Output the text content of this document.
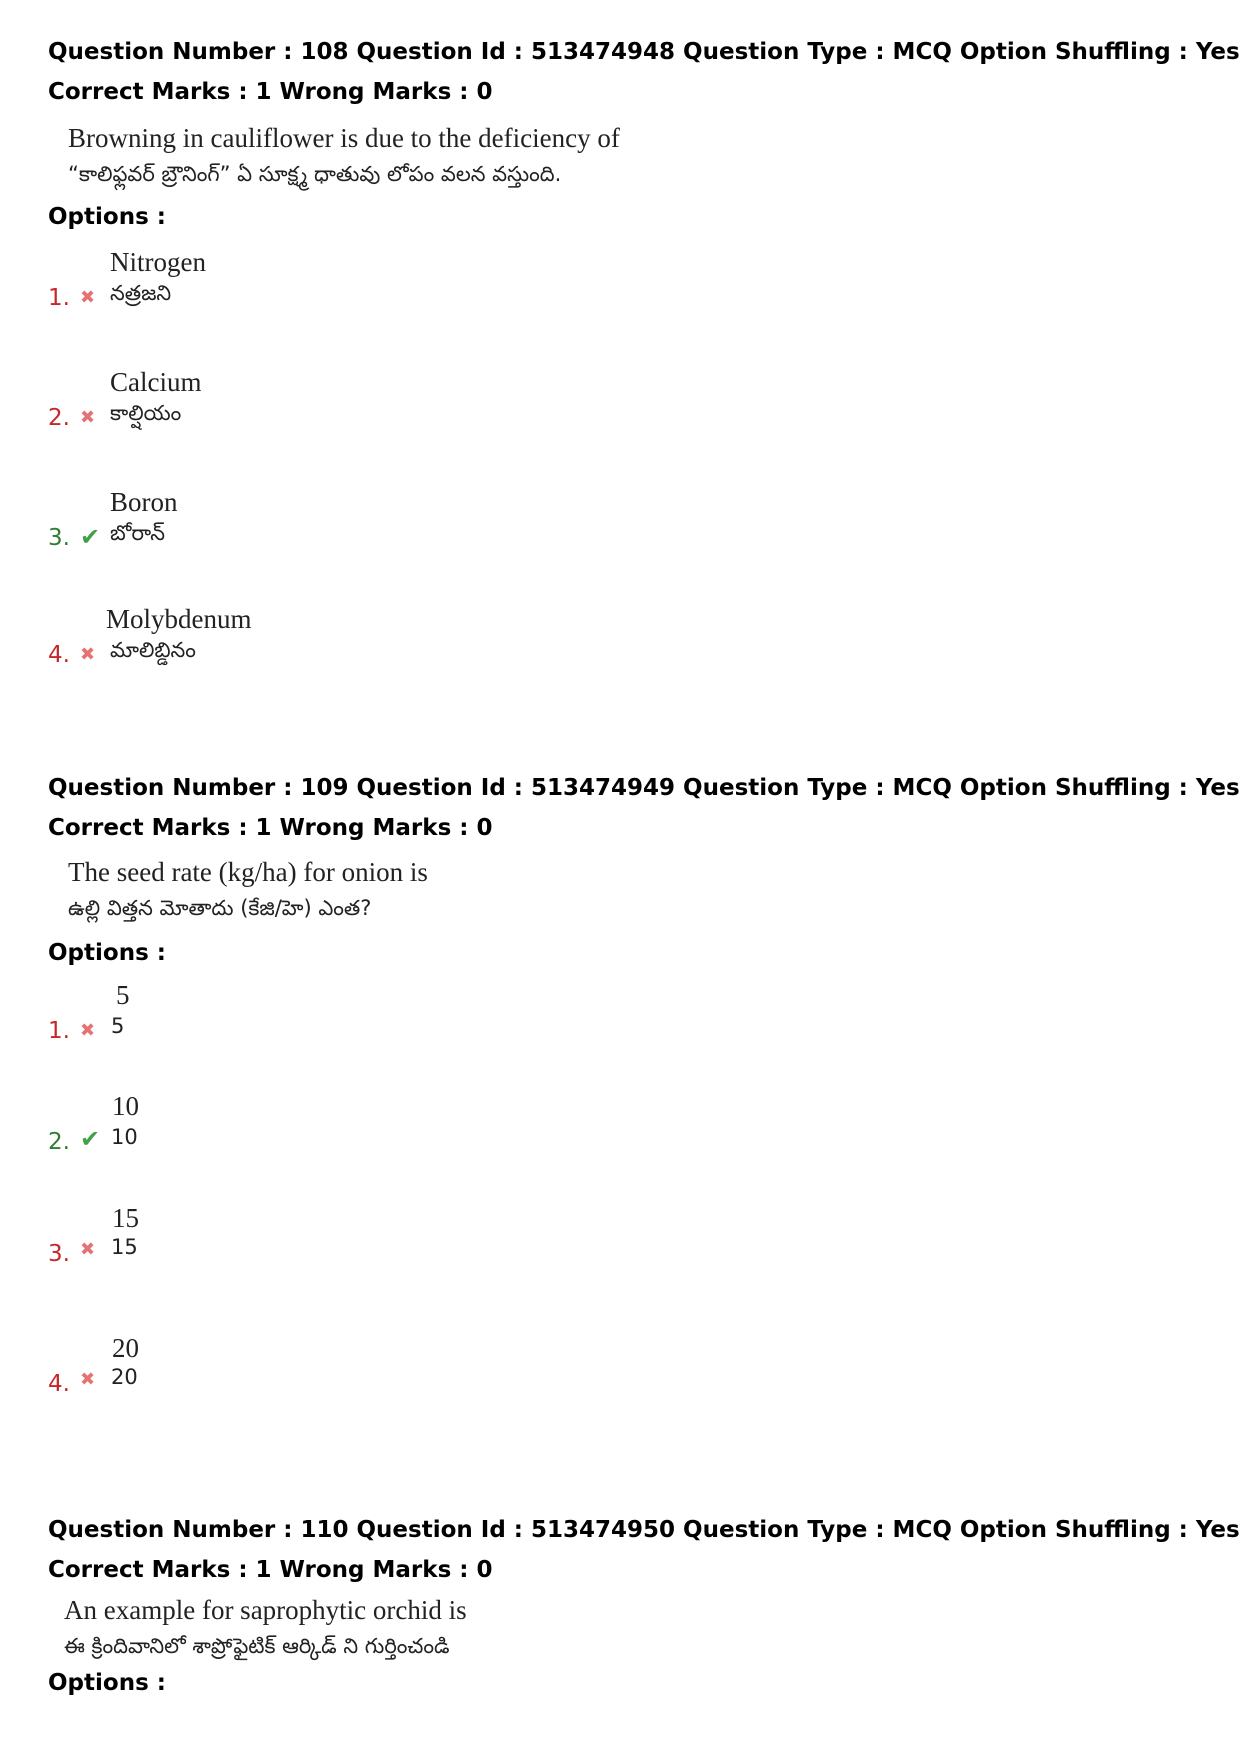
Question Number : 108 Question Id : 513474948 Question Type : MCQ Option Shuffling : Yes
Correct Marks : 1 Wrong Marks : 0
Browning in cauliflower is due to the deficiency of
“కాలిఫ్లవర్ బ్రౌనింగ్” ఏ సూక్ష్మ ధాతువు లోపం వలన వస్తుంది.
Options :
Nitrogen
1. ✖ నత్రజని
Calcium
2. ✖ కాల్షియం
Boron
3. ✔ బోరాన్
Molybdenum
4. ✖ మాలిబ్డినం
Question Number : 109 Question Id : 513474949 Question Type : MCQ Option Shuffling : Yes
Correct Marks : 1 Wrong Marks : 0
The seed rate (kg/ha) for onion is
ఉల్లి విత్తన మోతాదు (కేజి/హె) ఎంత?
Options :
5
1. ✖ 5
10
2. ✔ 10
15
3. ✖ 15
20
4. ✖ 20
Question Number : 110 Question Id : 513474950 Question Type : MCQ Option Shuffling : Yes
Correct Marks : 1 Wrong Marks : 0
An example for saprophytic orchid is
ఈ క్రిందివానిలో శాప్రోఫైటిక్ ఆర్కిడ్ ని గుర్తించండి
Options :
